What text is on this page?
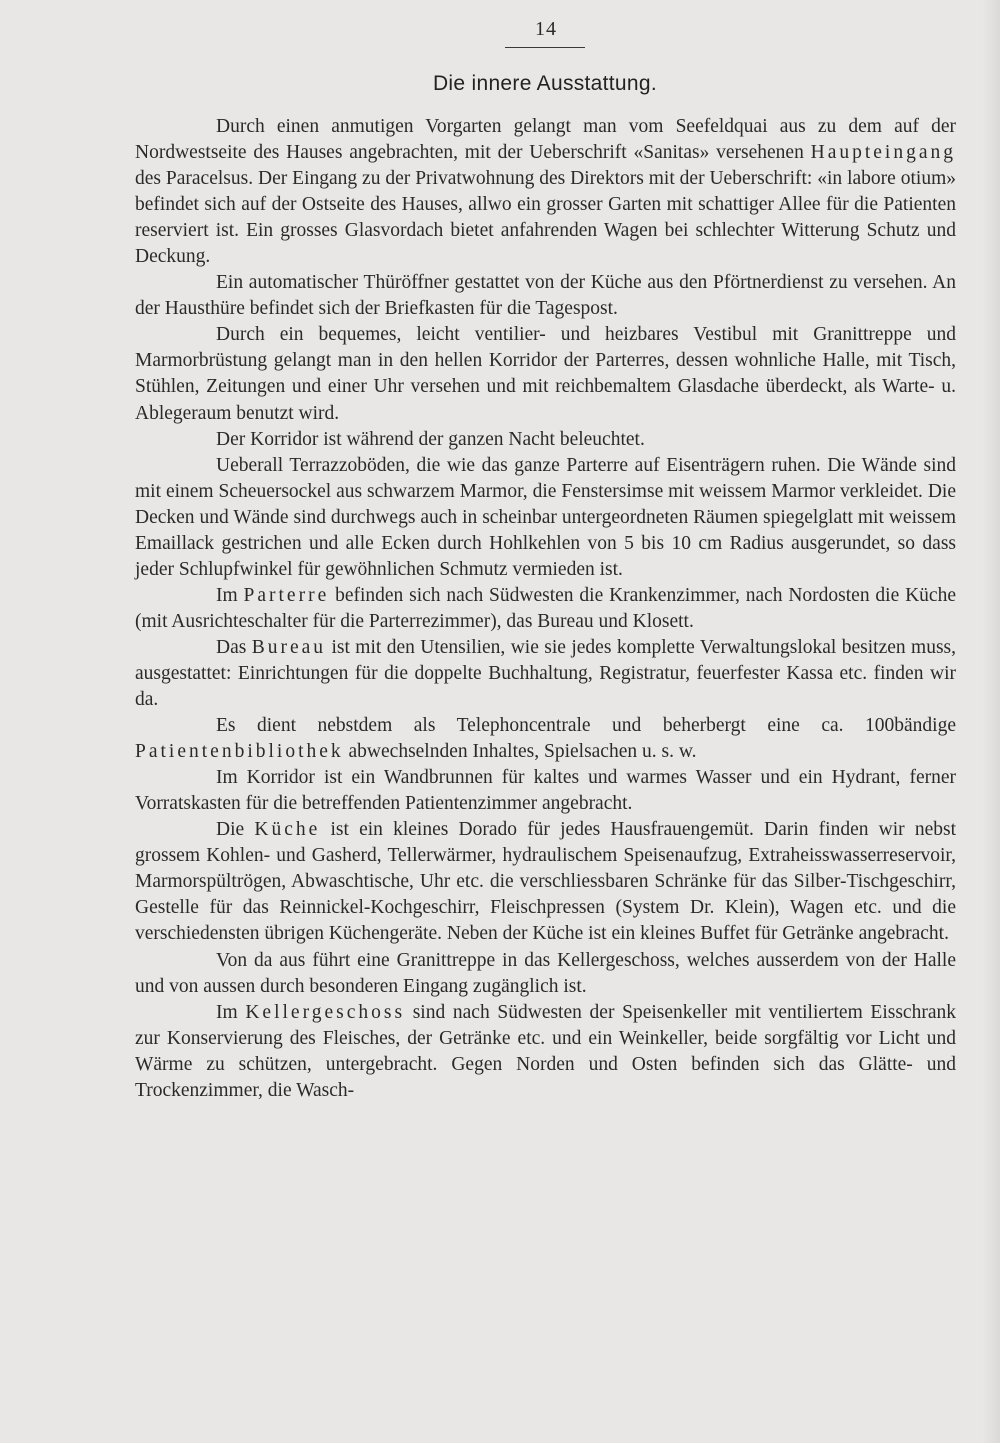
14
Die innere Ausstattung.

Durch einen anmutigen Vorgarten gelangt man vom Seefeldquai aus zu dem auf der Nordwestseite des Hauses angebrachten, mit der Ueberschrift «Sanitas» versehenen Haupteingang des Paracelsus. Der Eingang zu der Privatwohnung des Direktors mit der Ueberschrift: «in labore otium» befindet sich auf der Ostseite des Hauses, allwo ein grosser Garten mit schattiger Allee für die Patienten reserviert ist. Ein grosses Glasvordach bietet anfahrenden Wagen bei schlechter Witterung Schutz und Deckung.

Ein automatischer Thüröffner gestattet von der Küche aus den Pförtnerdienst zu versehen. An der Hausthüre befindet sich der Briefkasten für die Tagespost.

Durch ein bequemes, leicht ventilier- und heizbares Vestibul mit Granittreppe und Marmorbrüstung gelangt man in den hellen Korridor der Parterres, dessen wohnliche Halle, mit Tisch, Stühlen, Zeitungen und einer Uhr versehen und mit reichbemaltem Glasdache überdeckt, als Warte- u. Ablegeraum benutzt wird.

Der Korridor ist während der ganzen Nacht beleuchtet.

Ueberall Terrazzoböden, die wie das ganze Parterre auf Eisenträgern ruhen. Die Wände sind mit einem Scheuersockel aus schwarzem Marmor, die Fenstersimse mit weissem Marmor verkleidet. Die Decken und Wände sind durchwegs auch in scheinbar untergeordneten Räumen spiegelglatt mit weissem Emaillack gestrichen und alle Ecken durch Hohlkehlen von 5 bis 10 cm Radius ausgerundet, so dass jeder Schlupfwinkel für gewöhnlichen Schmutz vermieden ist.

Im Parterre befinden sich nach Südwesten die Krankenzimmer, nach Nordosten die Küche (mit Ausrichteschalter für die Parterrezimmer), das Bureau und Klosett.

Das Bureau ist mit den Utensilien, wie sie jedes komplette Verwaltungslokal besitzen muss, ausgestattet: Einrichtungen für die doppelte Buchhaltung, Registratur, feuerfester Kassa etc. finden wir da.

Es dient nebstdem als Telephoncentrale und beherbergt eine ca. 100bändige Patientenbibliothek abwechselnden Inhaltes, Spielsachen u. s. w.

Im Korridor ist ein Wandbrunnen für kaltes und warmes Wasser und ein Hydrant, ferner Vorratskasten für die betreffenden Patientenzimmer angebracht.

Die Küche ist ein kleines Dorado für jedes Hausfrauengemüt. Darin finden wir nebst grossem Kohlen- und Gasherd, Tellerwärmer, hydraulischem Speisenaufzug, Extraheisswasserreservoir, Marmorspültrögen, Abwaschtische, Uhr etc. die verschliessbaren Schränke für das Silber-Tischgeschirr, Gestelle für das Reinnickel-Kochgeschirr, Fleischpressen (System Dr. Klein), Wagen etc. und die verschiedensten übrigen Küchengeräte. Neben der Küche ist ein kleines Buffet für Getränke angebracht.

Von da aus führt eine Granittreppe in das Kellergeschoss, welches ausserdem von der Halle und von aussen durch besonderen Eingang zugänglich ist.

Im Kellergeschoss sind nach Südwesten der Speisenkeller mit ventiliertem Eisschrank zur Konservierung des Fleisches, der Getränke etc. und ein Weinkeller, beide sorgfältig vor Licht und Wärme zu schützen, untergebracht. Gegen Norden und Osten befinden sich das Glätte- und Trockenzimmer, die Wasch-
